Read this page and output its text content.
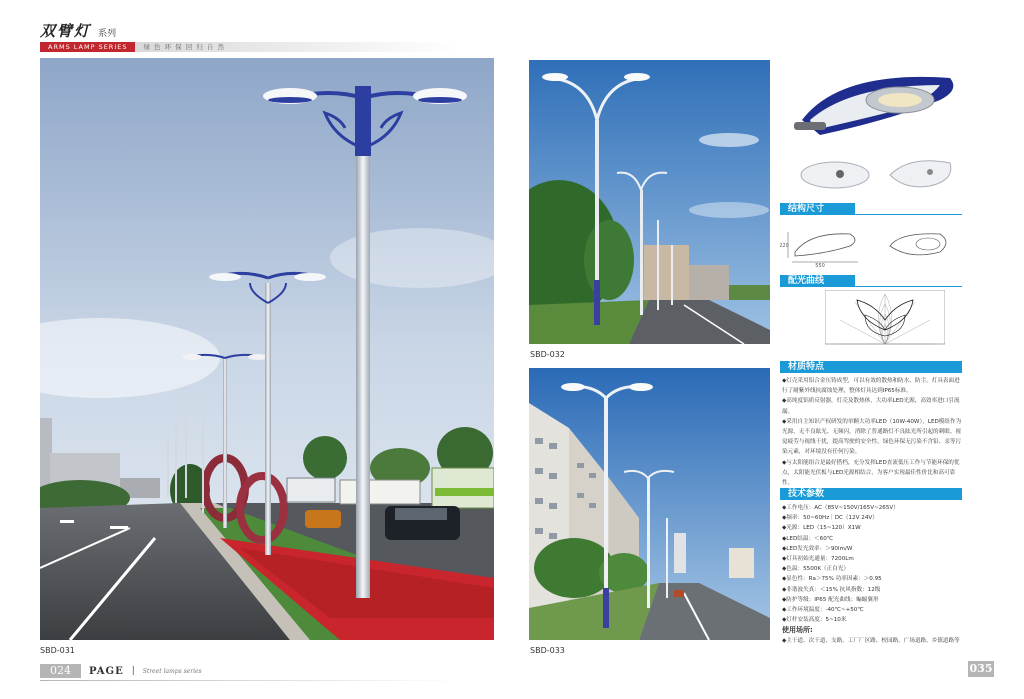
双臂灯 系列
ARMS LAMP SERIES	绿 色 环 保 回 归 自 然
SBD-031
SBD-032
SBD-033
结构尺寸
550
220
配光曲线
材质特点

◆灯壳采用铝合金压铸成型，可以有效的散热和防水、防尘。灯具表面进行了耐紫外线抗腐蚀处理，整体灯具达到IP65标准。

◆高纯度铝质反射器，灯壳及散热体，大功率LED光源，高效率进口引流漏。

◆采用自主知识产权研发的单颗大功率LED（10W-40W），LED模组作为光源，无不良眩光、无频闪，消除了普通路灯不良眩光所引起的刺眼、视觉疲劳与视线干扰，提高驾驶的安全性，绿色环保无污染不含铅、汞等污染元素，对环境没有任何污染。

◆与太阳能组合是最好搭档，充分发挥LED直流低压工作与节能环保的优点，太阳能光伏板与LED光源相结合，为客户实现最佳性价比和高可靠性。

技术参数

◆工作电压：AC（85V~150V/165V~265V）

◆频率：50~60Hz｜DC（12V 24V）

◆光源：LED（15~120）X1W

◆LED结温：＜60℃

◆LED发光效率：＞90lm/W

◆灯具初始光通量：7200Lm

◆色温：5500K（正白光）

◆显色性：Ra＞75% 功率因素：＞0.95

◆非谐波失真：＜15% 抗风指数：12级

◆防护等级：IP65 配光曲线：蝙蝠翼形

◆工作环境温度：-40℃~+50℃

◆灯杆安装高度：5~10米

使用场所:

◆主干道、次干道、支路、工厂厂区路、校园路、广场道路、乡镇道路等

024	PAGE | Street lamps series	035
